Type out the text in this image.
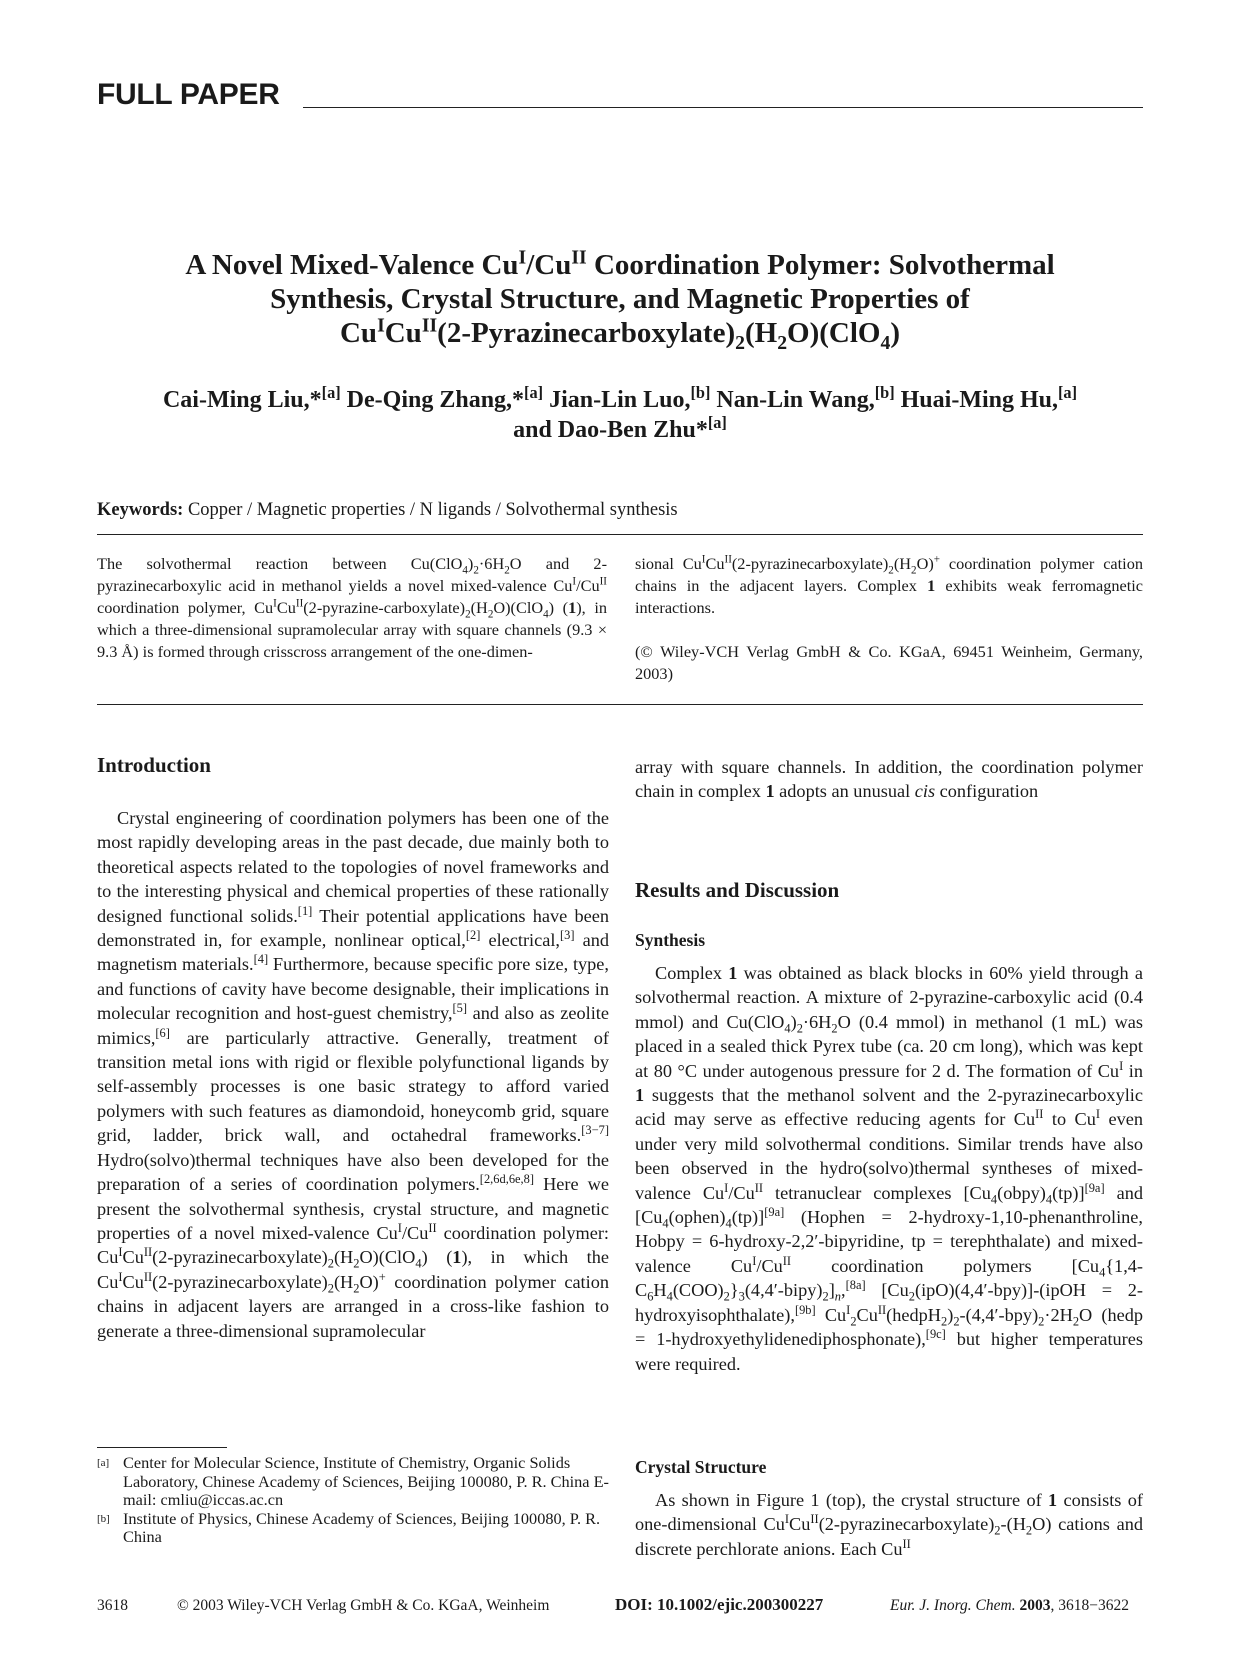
FULL PAPER
A Novel Mixed-Valence $Cu^I/Cu^{II}$ Coordination Polymer: Solvothermal
Synthesis, Crystal Structure, and Magnetic Properties of
$Cu^ICu^{II}(2-Pyrazinecarboxylate)_2(H_2O)(ClO_4)$
Cai-Ming Liu,*[a] De-Qing Zhang,*[a] Jian-Lin Luo,[b] Nan-Lin Wang,[b] Huai-Ming Hu,[a]
and Dao-Ben Zhu*[a]
Keywords: Copper / Magnetic properties / N ligands / Solvothermal synthesis

The solvothermal reaction between $Cu(ClO_4)_2\cdot 6H_2O$ and 2-pyrazinecarboxylic acid in methanol yields a novel mixed-valence $Cu^I/Cu^{II}$ coordination polymer, $Cu^ICu^{II}(2-pyrazine-carboxylate)_2(H_2O)(ClO_4)$ (1), in which a three-dimensional supramolecular array with square channels (9.3 × 9.3 Å) is formed through crisscross arrangement of the one-dimen-

sional $Cu^ICu^{II}(2-pyrazinecarboxylate)_2(H_2O)^+$ coordination polymer cation chains in the adjacent layers. Complex 1 exhibits weak ferromagnetic interactions.

(© Wiley-VCH Verlag GmbH & Co. KGaA, 69451 Weinheim, Germany, 2003)

Introduction

Crystal engineering of coordination polymers has been one of the most rapidly developing areas in the past decade, due mainly both to theoretical aspects related to the topologies of novel frameworks and to the interesting physical and chemical properties of these rationally designed functional solids.[1] Their potential applications have been demonstrated in, for example, nonlinear optical,[2] electrical,[3] and magnetism materials.[4] Furthermore, because specific pore size, type, and functions of cavity have become designable, their implications in molecular recognition and host-guest chemistry,[5] and also as zeolite mimics,[6] are particularly attractive. Generally, treatment of transition metal ions with rigid or flexible polyfunctional ligands by self-assembly processes is one basic strategy to afford varied polymers with such features as diamondoid, honeycomb grid, square grid, ladder, brick wall, and octahedral frameworks.[3−7] Hydro(solvo)thermal techniques have also been developed for the preparation of a series of coordination polymers.[2,6d,6e,8] Here we present the solvothermal synthesis, crystal structure, and magnetic properties of a novel mixed-valence $Cu^I/Cu^{II}$ coordination polymer: $Cu^ICu^{II}(2-pyrazinecarboxylate)_2(H_2O)(ClO_4)$ (1), in which the $Cu^ICu^{II}(2-pyrazinecarboxylate)_2(H_2O)^+$ coordination polymer cation chains in adjacent layers are arranged in a cross-like fashion to generate a three-dimensional supramolecular

[a] Center for Molecular Science, Institute of Chemistry, Organic Solids Laboratory, Chinese Academy of Sciences, Beijing 100080, P. R. China E-mail: cmliu@iccas.ac.cn
[b] Institute of Physics, Chinese Academy of Sciences, Beijing 100080, P. R. China

array with square channels. In addition, the coordination polymer chain in complex 1 adopts an unusual cis configuration

Results and Discussion
Synthesis

Complex 1 was obtained as black blocks in 60% yield through a solvothermal reaction. A mixture of 2-pyrazine-carboxylic acid (0.4 mmol) and $Cu(ClO_4)_2\cdot 6H_2O$ (0.4 mmol) in methanol (1 mL) was placed in a sealed thick Pyrex tube (ca. 20 cm long), which was kept at 80 °C under autogenous pressure for 2 d. The formation of $Cu^I$ in 1 suggests that the methanol solvent and the 2-pyrazinecarboxylic acid may serve as effective reducing agents for $Cu^{II}$ to $Cu^I$ even under very mild solvothermal conditions. Similar trends have also been observed in the hydro(solvo)thermal syntheses of mixed-valence $Cu^I/Cu^{II}$ tetranuclear complexes $[Cu_4(obpy)_4(tp)][9a]$ and $[Cu_4(ophen)_4(tp)][9a]$ (Hophen = 2-hydroxy-1,10-phenanthroline, Hobpy = 6-hydroxy-2,2′-bipyridine, tp = terephthalate) and mixed-valence $Cu^I/Cu^{II}$ coordination polymers $[Cu_4\{1,4-C_6H_4(COO)_2\}_3(4,4'-bipy)_2]_n,[8a]$ $[Cu_2(ipO)(4,4'-bpy)]-(ipOH$ = 2-hydroxyisophthalate),[9b] $Cu^I_2Cu^{II}(hedpH_2)_2-(4,4'-bpy)_2\cdot 2H_2O$ (hedp = 1-hydroxyethylidenediphosphonate),[9c] but higher temperatures were required.

Crystal Structure

As shown in Figure 1 (top), the crystal structure of 1 consists of one-dimensional $Cu^ICu^{II}(2-pyrazinecarboxylate)_2-(H_2O)$ cations and discrete perchlorate anions. Each $Cu^{II}$

3618	© 2003 Wiley-VCH Verlag GmbH & Co. KGaA, Weinheim	DOI: 10.1002/ejic.200300227	Eur. J. Inorg. Chem. 2003, 3618−3622
